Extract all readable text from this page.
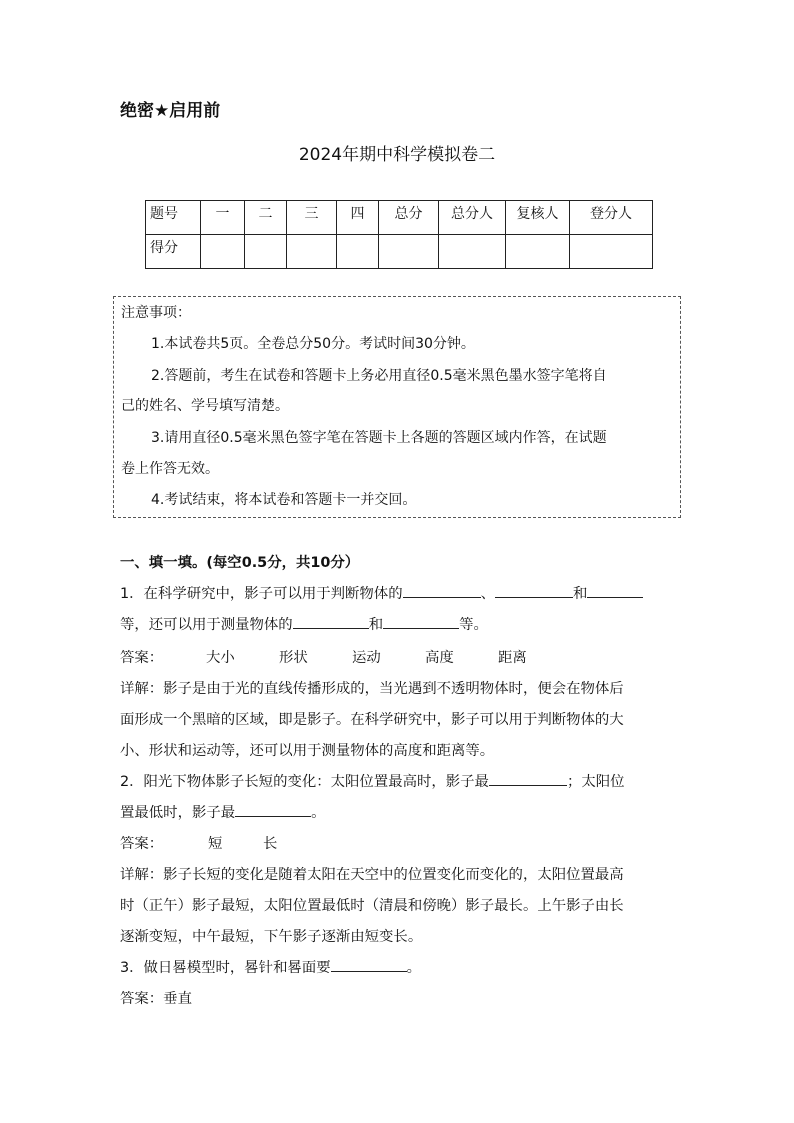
绝密★启用前
2024年期中科学模拟卷二
题号	一	二	三	四	总分	总分人	复核人	登分人
得分								
注意事项：
1.本试卷共5页。全卷总分50分。考试时间30分钟。
2.答题前，考生在试卷和答题卡上务必用直径0.5毫米黑色墨水签字笔将自
己的姓名、学号填写清楚。
3.请用直径0.5毫米黑色签字笔在答题卡上各题的答题区域内作答，在试题
卷上作答无效。
4.考试结束，将本试卷和答题卡一并交回。
一、填一填。(每空0.5分，共10分）
1．在科学研究中，影子可以用于判断物体的	、	和
等，还可以用于测量物体的	和	等。
答案：	大小	形状	运动	高度	距离
详解：影子是由于光的直线传播形成的，当光遇到不透明物体时，便会在物体后
面形成一个黑暗的区域，即是影子。在科学研究中，影子可以用于判断物体的大
小、形状和运动等，还可以用于测量物体的高度和距离等。
2．阳光下物体影子长短的变化：太阳位置最高时，影子最	；太阳位
置最低时，影子最	。
答案：	短	长
详解：影子长短的变化是随着太阳在天空中的位置变化而变化的，太阳位置最高
时（正午）影子最短，太阳位置最低时（清晨和傍晚）影子最长。上午影子由长
逐渐变短，中午最短，下午影子逐渐由短变长。
3．做日晷模型时，晷针和晷面要	。
答案：垂直
